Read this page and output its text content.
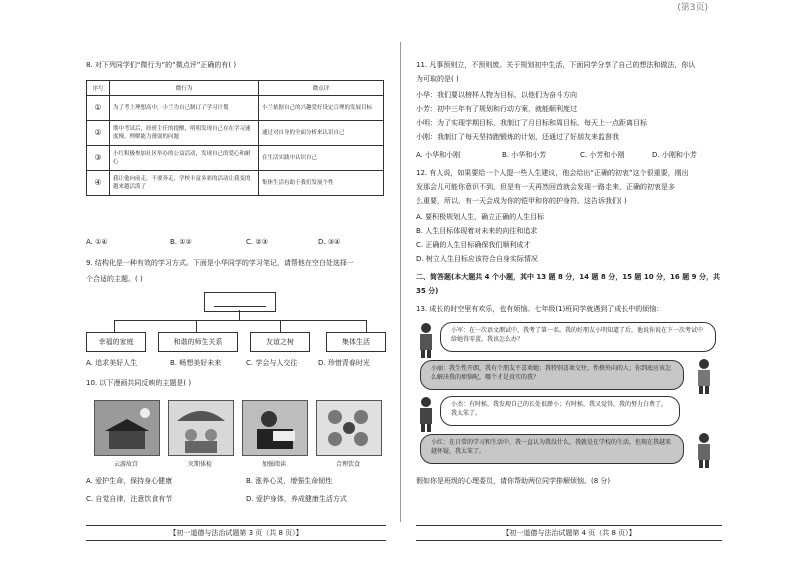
(第3页)
8. 对下列同学们“微行为”的“微点评”正确的有( )
序号	微行为	微点评
①	为了考上理想高中，小兰为自己制订了学习计划	小兰依据自己的兴趣爱好设定合理的发展目标
②	期中考试后，经班主任的提醒，明明发现自己存在学习速度慢、理解能力薄弱的问题	通过对自身的全面分析来认识自己
③	小红积极参加社区举办的公益活动，发现自己的爱心和耐心	在生活实践中认识自己
④	我让他向前走，不要奔走，学校丰富多彩的活动让我变的越来越活泼了	集体生活有助于我们发展个性
A. ①④	B. ①②	C. ②③	D. ③④
9. 结构化是一种有效的学习方式。下面是小华同学的学习笔记，请帮他在空白处选择一
个合适的主题。( )
幸福的家庭	和谐的师生关系	友谊之树	集体生活
A. 追求美好人生	B. 畅想美好未来	C. 学会与人交往	D. 珍惜青春时光
10. 以下漫画共同反映的主题是( )
云游故宫	灾期体检	加强阅读	合理饮食
A. 爱护生命，保持身心健康	B. 涨养心灵，增强生命韧性
C. 自觉自律，注意饮食有节	D. 爱护身体，养成健康生活方式
【初一道德与法治试题第 3 页（共 8 页）】
11. 凡事预则立，不预则废。关于规划初中生活，下面同学分享了自己的想法和做法，你认
为可取的是( )
小华：我们要以榜样人物为目标，以他们为奋斗方向
小芳：初中三年有了规划和行动方案，就能顺利度过
小明：为了实现学期目标，我制订了月目标和周目标，每天上一点距离目标
小刚：我制订了每天坚持跑锻炼的计划，还通过了好朋友来监督我
A. 小华和小刚	B. 小华和小芳	C. 小芳和小刚	D. 小刚和小芳
12. 有人说，如果要给一个人提一些人生建议，他会给出“正确的初衷”这个很重要，刚出
发那会儿可能你意识不到，但是有一天再然回首就会发现一路走来，正确的初衷是多
么重要，所以，有一天会成为你的铠甲和你的护身符。这告诉我们( )
A. 要积极规划人生，确立正确的人生目标
B. 人生目标体现着对未来的向往和追求
C. 正确的人生目标确保我们顺利成才
D. 树立人生目标应该符合自身实际情况
二、简答题(本大题共 4 个小题，其中 13 题 8 分，14 题 8 分，15 题 10 分，16 题 9 分，共
35 分)
13. 成长的时空里有欢乐，也有烦恼。七年级(1)班同学就遇到了成长中的烦恼：
小军：在一次语文测试中，我考了第一名。我的好朋友小明知道了后，他说你说在下一次考试中给她得零蛋。我该怎么办？
小丽：我生性开朗，我有个朋友不喜欢她；我特别喜欢交往，性格外向的人；你到底应该怎么解决我的烦恼呢，哪个才是真实的我？
小杰：有时候，我发现自己的长处很渺小；有时候，我又觉得，我的努力白费了，我太笨了。
小红：在日常的学习和生活中，我一直认为我没什么，我就是在学校的生活，但现在我越来越怀疑，我太笨了。
假如你是班级的心理委员，请你帮助两位同学排解烦恼。(8 分)
【初一道德与法治试题第 4 页（共 8 页）】
